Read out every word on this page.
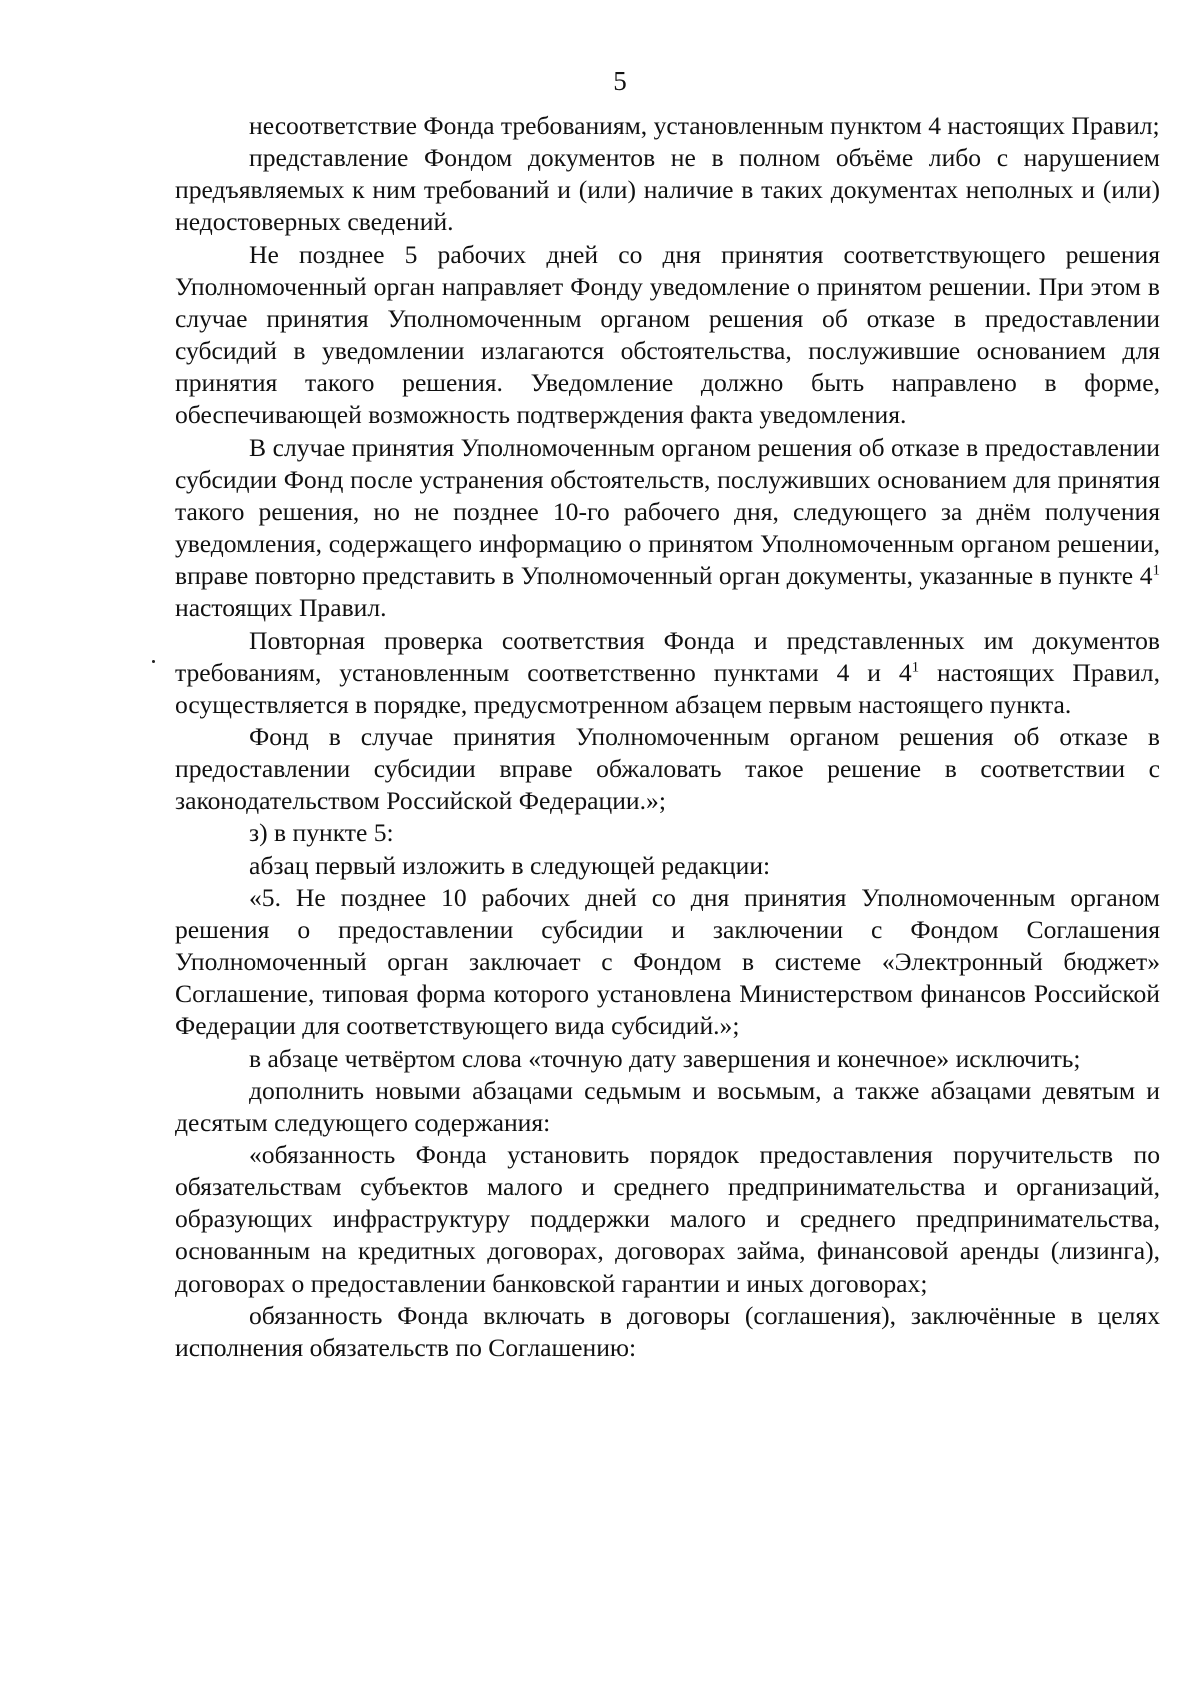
5

несоответствие Фонда требованиям, установленным пунктом 4 настоящих Правил;

представление Фондом документов не в полном объёме либо с нарушением предъявляемых к ним требований и (или) наличие в таких документах неполных и (или) недостоверных сведений.

Не позднее 5 рабочих дней со дня принятия соответствующего решения Уполномоченный орган направляет Фонду уведомление о принятом решении. При этом в случае принятия Уполномоченным органом решения об отказе в предоставлении субсидий в уведомлении излагаются обстоятельства, послужившие основанием для принятия такого решения. Уведомление должно быть направлено в форме, обеспечивающей возможность подтверждения факта уведомления.

В случае принятия Уполномоченным органом решения об отказе в предоставлении субсидии Фонд после устранения обстоятельств, послуживших основанием для принятия такого решения, но не позднее 10-го рабочего дня, следующего за днём получения уведомления, содержащего информацию о принятом Уполномоченным органом решении, вправе повторно представить в Уполномоченный орган документы, указанные в пункте $4^1$ настоящих Правил.

Повторная проверка соответствия Фонда и представленных им документов требованиям, установленным соответственно пунктами 4 и $4^1$ настоящих Правил, осуществляется в порядке, предусмотренном абзацем первым настоящего пункта.

Фонд в случае принятия Уполномоченным органом решения об отказе в предоставлении субсидии вправе обжаловать такое решение в соответствии с законодательством Российской Федерации.»;

з) в пункте 5:

абзац первый изложить в следующей редакции:

«5. Не позднее 10 рабочих дней со дня принятия Уполномоченным органом решения о предоставлении субсидии и заключении с Фондом Соглашения Уполномоченный орган заключает с Фондом в системе «Электронный бюджет» Соглашение, типовая форма которого установлена Министерством финансов Российской Федерации для соответствующего вида субсидий.»;

в абзаце четвёртом слова «точную дату завершения и конечное» исключить;

дополнить новыми абзацами седьмым и восьмым, а также абзацами девятым и десятым следующего содержания:

«обязанность Фонда установить порядок предоставления поручительств по обязательствам субъектов малого и среднего предпринимательства и организаций, образующих инфраструктуру поддержки малого и среднего предпринимательства, основанным на кредитных договорах, договорах займа, финансовой аренды (лизинга), договорах о предоставлении банковской гарантии и иных договорах;

обязанность Фонда включать в договоры (соглашения), заключённые в целях исполнения обязательств по Соглашению:
